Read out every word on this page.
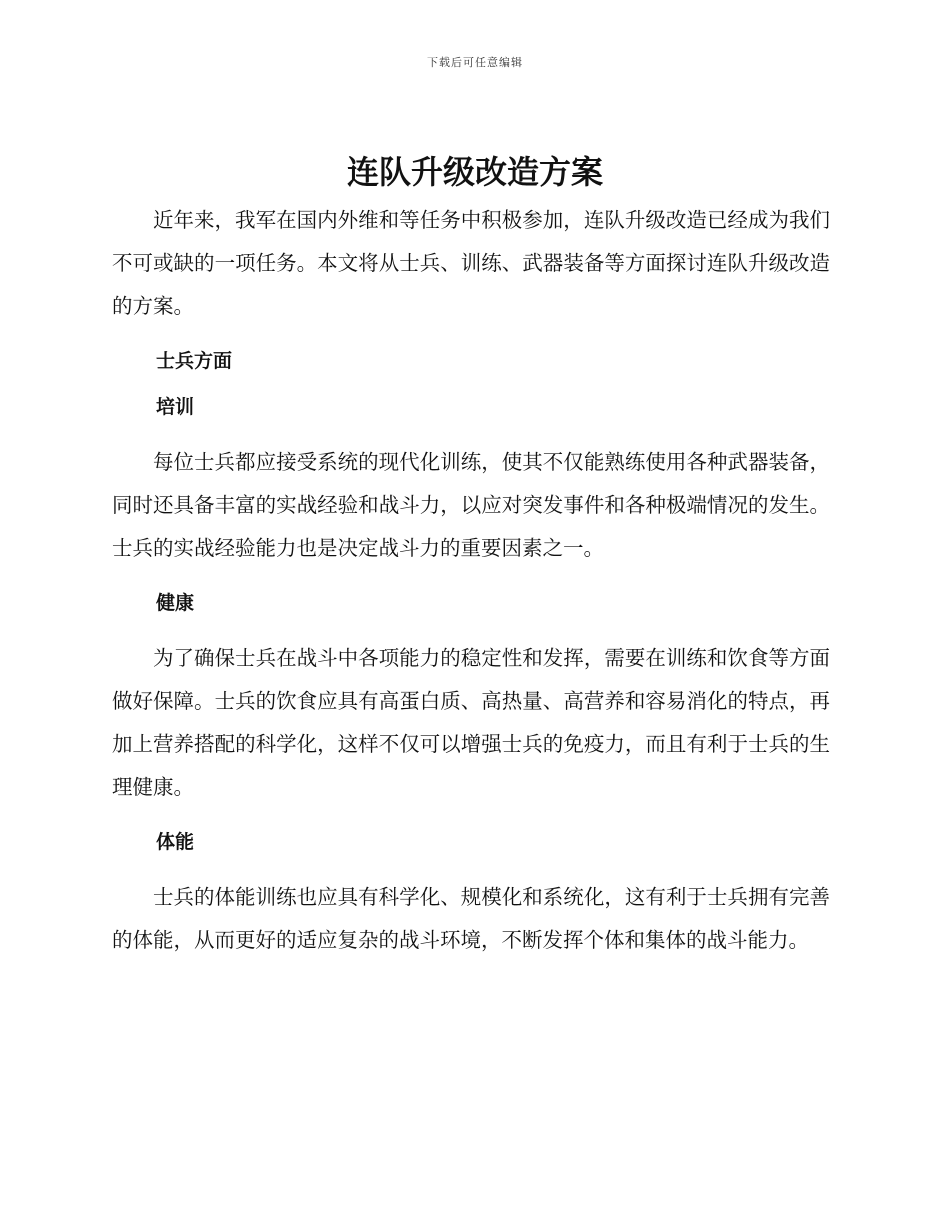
下载后可任意编辑
连队升级改造方案

近年来，我军在国内外维和等任务中积极参加，连队升级改造已经成为我们不可或缺的一项任务。本文将从士兵、训练、武器装备等方面探讨连队升级改造的方案。

士兵方面

培训

每位士兵都应接受系统的现代化训练，使其不仅能熟练使用各种武器装备，同时还具备丰富的实战经验和战斗力，以应对突发事件和各种极端情况的发生。士兵的实战经验能力也是决定战斗力的重要因素之一。

健康

为了确保士兵在战斗中各项能力的稳定性和发挥，需要在训练和饮食等方面做好保障。士兵的饮食应具有高蛋白质、高热量、高营养和容易消化的特点，再加上营养搭配的科学化，这样不仅可以增强士兵的免疫力，而且有利于士兵的生理健康。

体能

士兵的体能训练也应具有科学化、规模化和系统化，这有利于士兵拥有完善的体能，从而更好的适应复杂的战斗环境，不断发挥个体和集体的战斗能力。
